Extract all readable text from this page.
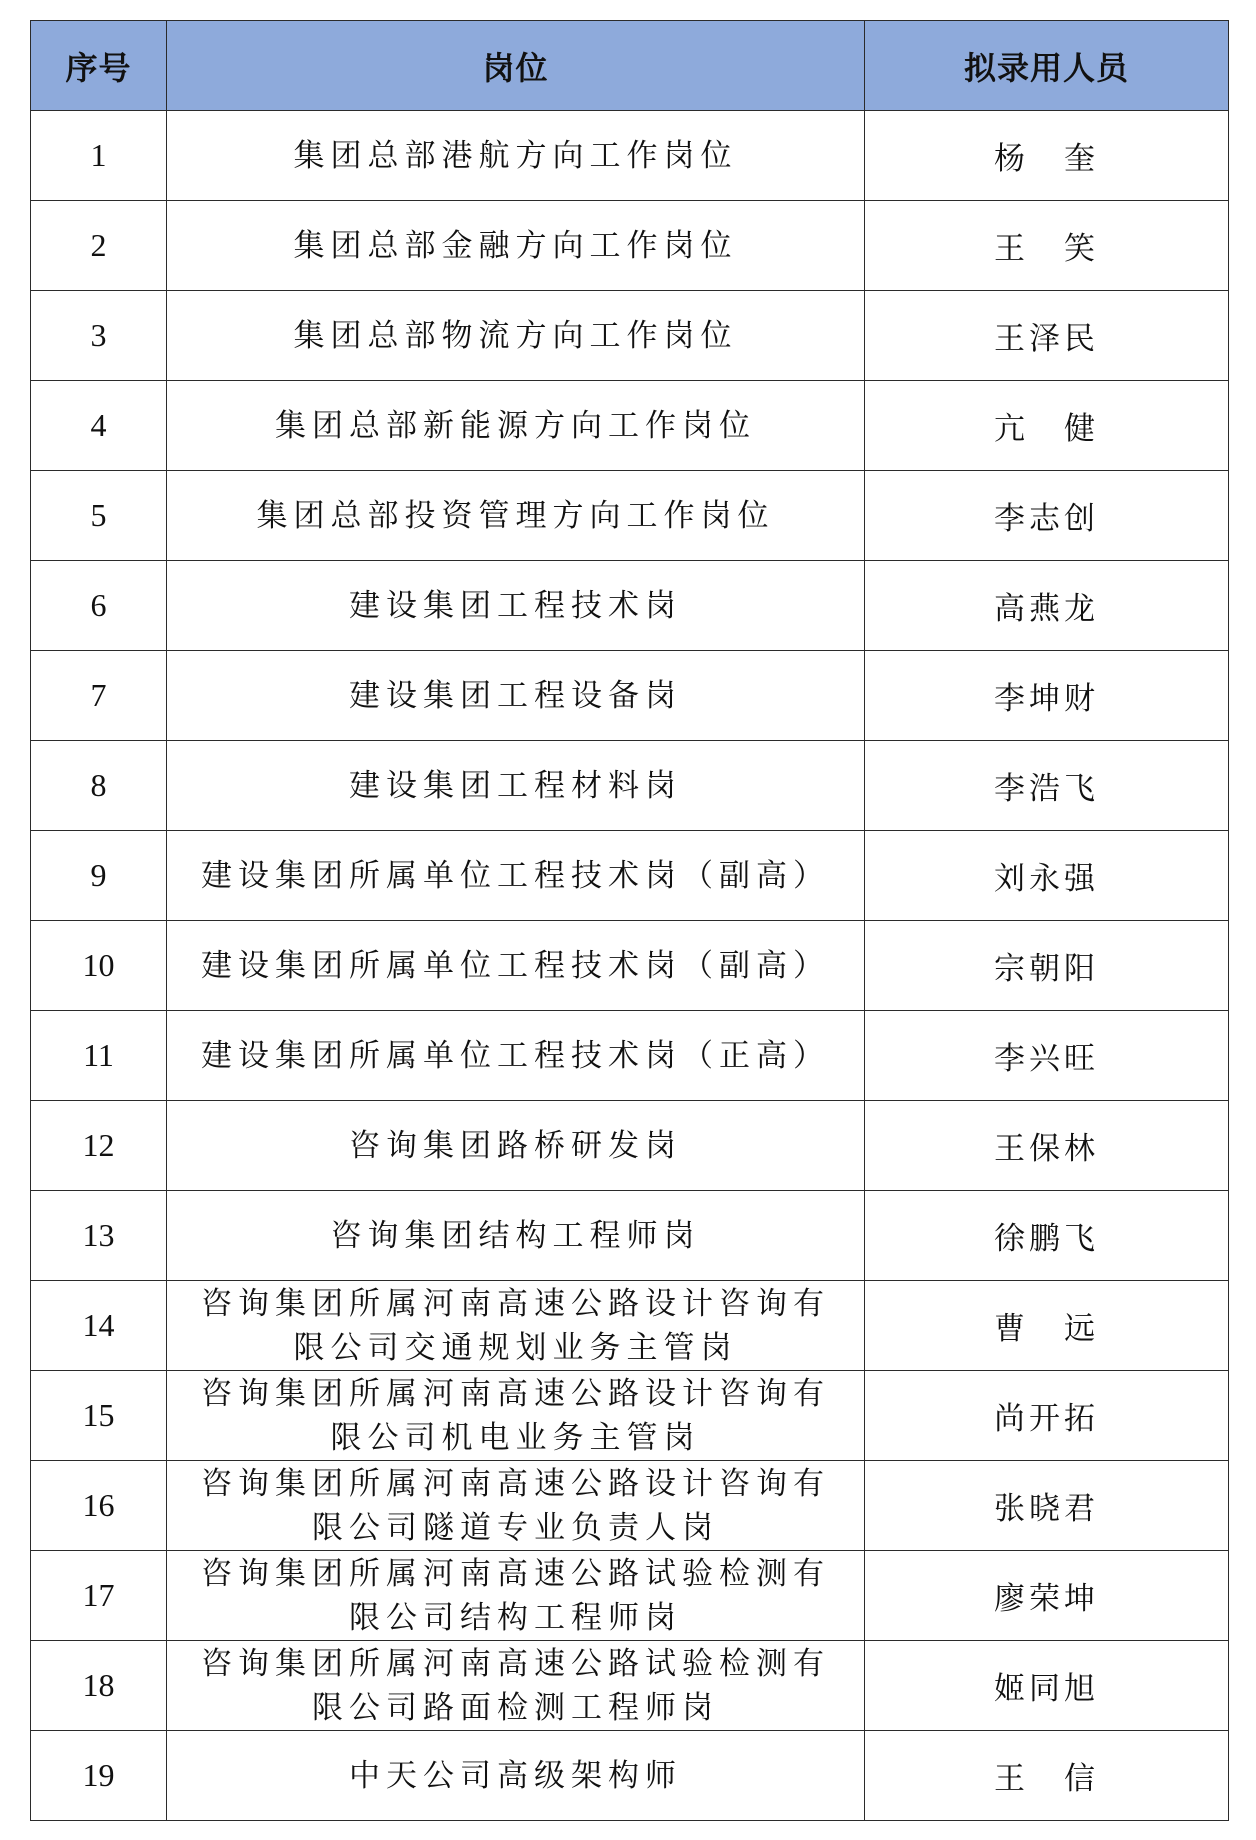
序号	岗位	拟录用人员
1	集团总部港航方向工作岗位	杨　奎
2	集团总部金融方向工作岗位	王　笑
3	集团总部物流方向工作岗位	王泽民
4	集团总部新能源方向工作岗位	亢　健
5	集团总部投资管理方向工作岗位	李志创
6	建设集团工程技术岗	高燕龙
7	建设集团工程设备岗	李坤财
8	建设集团工程材料岗	李浩飞
9	建设集团所属单位工程技术岗（副高）	刘永强
10	建设集团所属单位工程技术岗（副高）	宗朝阳
11	建设集团所属单位工程技术岗（正高）	李兴旺
12	咨询集团路桥研发岗	王保林
13	咨询集团结构工程师岗	徐鹏飞
14	咨询集团所属河南高速公路设计咨询有
限公司交通规划业务主管岗	曹　远
15	咨询集团所属河南高速公路设计咨询有
限公司机电业务主管岗	尚开拓
16	咨询集团所属河南高速公路设计咨询有
限公司隧道专业负责人岗	张晓君
17	咨询集团所属河南高速公路试验检测有
限公司结构工程师岗	廖荣坤
18	咨询集团所属河南高速公路试验检测有
限公司路面检测工程师岗	姬同旭
19	中天公司高级架构师	王　信
